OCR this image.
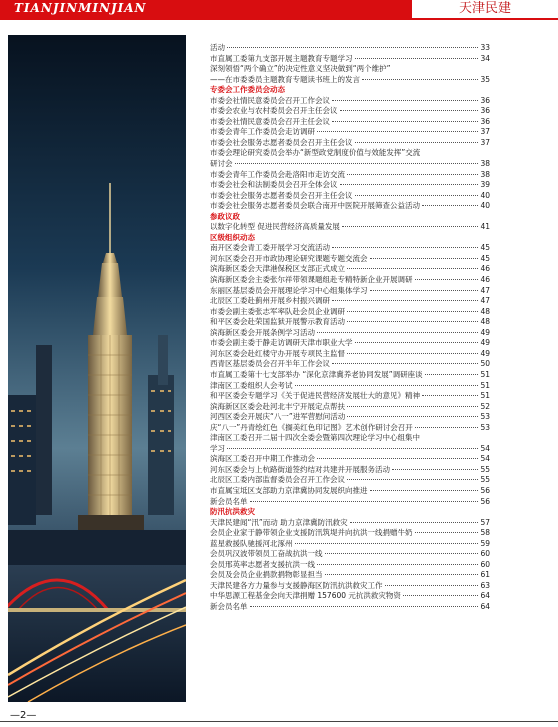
TIANJINMINJIAN	天津民建
活动	33
市直属工委第九支部开展主题教育专题学习	34
深刻领悟“两个确立”的决定性意义坚决做到“两个维护”
——在市委委员主题教育专题读书班上的发言	35
专委会工作委员会动态
市委会社情民意委员会召开工作会议	36
市委会农业与农村委员会召开主任会议	36
市委会社情民意委员会召开主任会议	36
市委会青年工作委员会走访调研	37
市委会社会服务志愿者委员会召开主任会议	37
市委会理论研究委员会举办“新型政党制度价值与效能发挥”交流
研讨会	38
市委会青年工作委员会赴洛阳市走访交流	38
市委会社会和法制委员会召开全体会议	39
市委会社会服务志愿者委员会召开主任会议	40
市委会社会服务志愿者委员会联合南开中医院开展筛查公益活动	40
参政议政
以数字化转型 促进民营经济高质量发展	41
区级组织动态
南开区委会青工委开展学习交流活动	45
河东区委会召开市政协理论研究课题专题交流会	45
滨海新区委会天津港保税区支部正式成立	46
滨海新区委会主委张尔祥带领课题组赴专精特新企业开展调研	46
东丽区基层委员会开展理论学习中心组集体学习	47
北辰区工委赴蓟州开展乡村振兴调研	47
市委会副主委张志军率队赴会员企业调研	48
和平区委会赴荣国监狱开展警示教育活动	48
滨海新区委会开展条例学习活动	49
市委会副主委于静走访调研天津市职业大学	49
河东区委会赴红楼守办开展专项民主监督	49
西青区基层委员会召开半年工作会议	50
市直属工委第十七支部举办 “深化京津冀养老协同发展”调研座谈	51
津南区工委组织人会考试	51
和平区委会专题学习《关于促进民营经济发展壮大的意见》精神	51
滨海新区区委会赴河北丰宁开展定点帮扶	52
河西区委会开展庆“八一”进军营慰问活动	53
庆“八一”丹青绘红色《搁美红色印记图》艺术创作研讨会召开	53
津南区工委召开二届十四次全委会暨第四次理论学习中心组集中
学习	54
滨海区工委召开中期工作推动会	54
河东区委会与上杭路街道签约结对共建并开展服务活动	55
北辰区工委内部监督委员会召开工作会议	55
市直属宝坻区支部助力京津冀协同发展织向推进	56
新会员名单	56
防汛抗洪救灾
天津民建闻“汛”而动 助力京津冀防汛救灾	57
会员企业家于静带领企业支援防汛筑堤并向抗洪一线捐赠牛奶	58
蓝星救援队驰援河北涿州	59
会员巩汉波带领员工奋战抗洪一线	60
会员邢英率志愿者支援抗洪一线	60
会员及会员企业捐款捐物彰显担当	61
天津民建各方力量参与支援静海区防汛抗洪救灾工作	63
中华思源工程基金会向天津捐赠 157600 元抗洪救灾物资	64
新会员名单	64
—2—
